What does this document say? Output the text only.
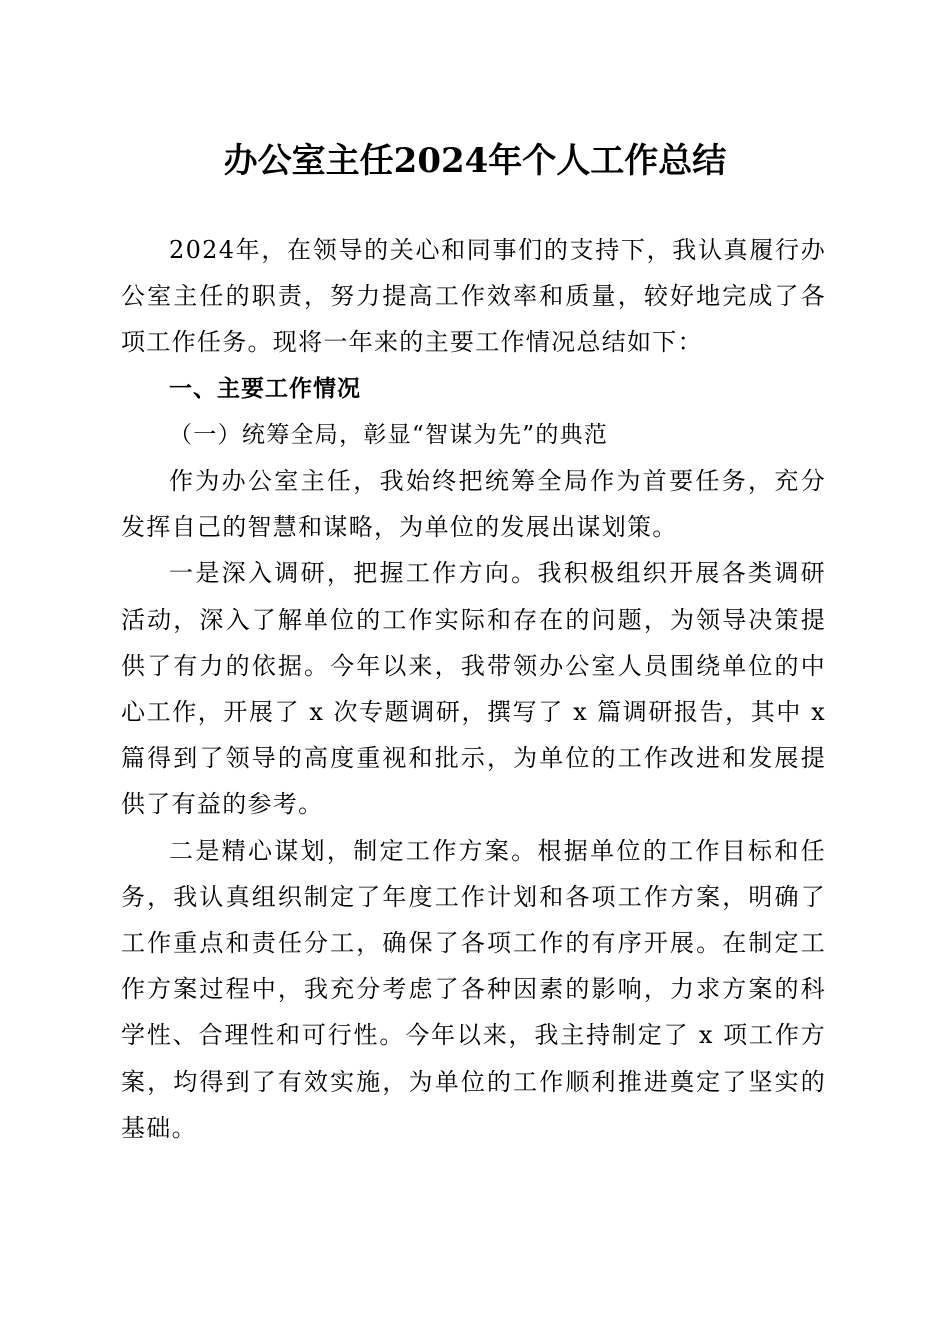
办公室主任2024年个人工作总结

2024年，在领导的关心和同事们的支持下，我认真履行办公室主任的职责，努力提高工作效率和质量，较好地完成了各项工作任务。现将一年来的主要工作情况总结如下：

一、主要工作情况

（一）统筹全局，彰显“智谋为先”的典范

作为办公室主任，我始终把统筹全局作为首要任务，充分发挥自己的智慧和谋略，为单位的发展出谋划策。

一是深入调研，把握工作方向。我积极组织开展各类调研活动，深入了解单位的工作实际和存在的问题，为领导决策提供了有力的依据。今年以来，我带领办公室人员围绕单位的中心工作，开展了 x 次专题调研，撰写了 x 篇调研报告，其中 x 篇得到了领导的高度重视和批示，为单位的工作改进和发展提供了有益的参考。

二是精心谋划，制定工作方案。根据单位的工作目标和任务，我认真组织制定了年度工作计划和各项工作方案，明确了工作重点和责任分工，确保了各项工作的有序开展。在制定工作方案过程中，我充分考虑了各种因素的影响，力求方案的科学性、合理性和可行性。今年以来，我主持制定了 x 项工作方案，均得到了有效实施，为单位的工作顺利推进奠定了坚实的基础。
